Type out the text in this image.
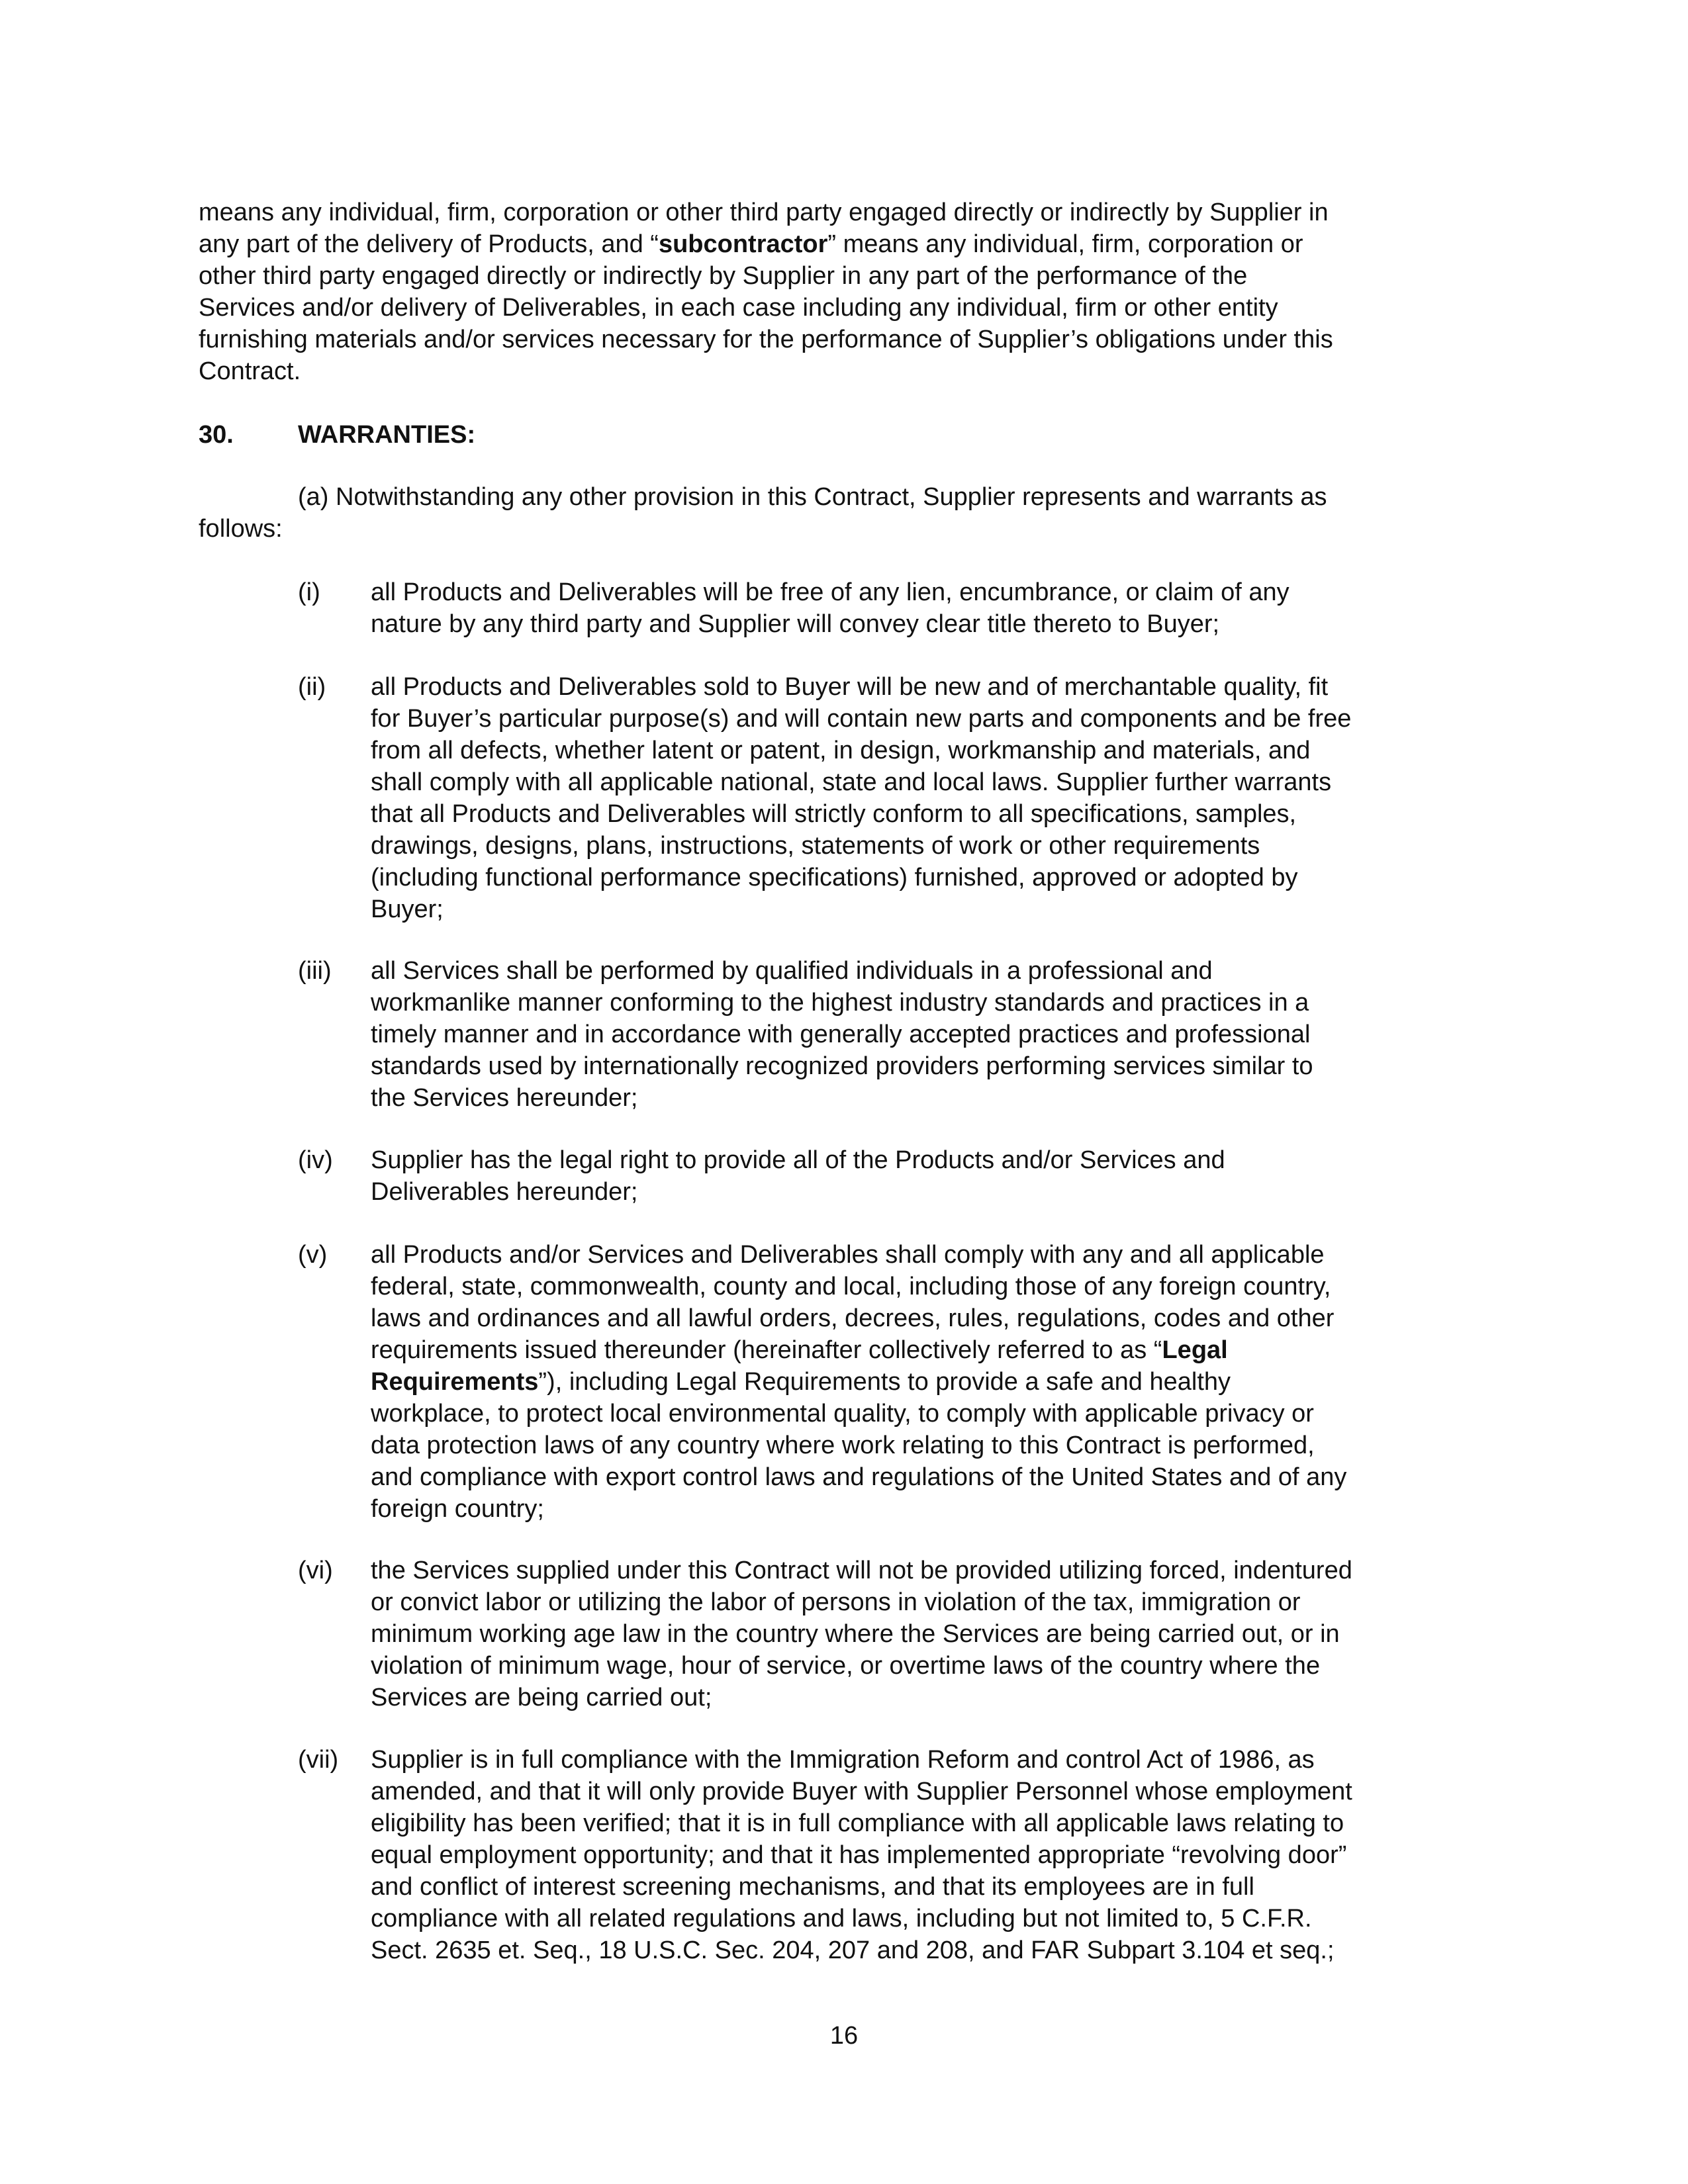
means any individual, firm, corporation or other third party engaged directly or indirectly by Supplier in
any part of the delivery of Products, and “subcontractor” means any individual, firm, corporation or
other third party engaged directly or indirectly by Supplier in any part of the performance of the
Services and/or delivery of Deliverables, in each case including any individual, firm or other entity
furnishing materials and/or services necessary for the performance of Supplier’s obligations under this
Contract.
30.	WARRANTIES:
(a) Notwithstanding any other provision in this Contract, Supplier represents and warrants as
follows:
(i) all Products and Deliverables will be free of any lien, encumbrance, or claim of any
nature by any third party and Supplier will convey clear title thereto to Buyer;
(ii) all Products and Deliverables sold to Buyer will be new and of merchantable quality, fit
for Buyer’s particular purpose(s) and will contain new parts and components and be free
from all defects, whether latent or patent, in design, workmanship and materials, and
shall comply with all applicable national, state and local laws. Supplier further warrants
that all Products and Deliverables will strictly conform to all specifications, samples,
drawings, designs, plans, instructions, statements of work or other requirements
(including functional performance specifications) furnished, approved or adopted by
Buyer;
(iii) all Services shall be performed by qualified individuals in a professional and
workmanlike manner conforming to the highest industry standards and practices in a
timely manner and in accordance with generally accepted practices and professional
standards used by internationally recognized providers performing services similar to
the Services hereunder;
(iv) Supplier has the legal right to provide all of the Products and/or Services and
Deliverables hereunder;
(v) all Products and/or Services and Deliverables shall comply with any and all applicable
federal, state, commonwealth, county and local, including those of any foreign country,
laws and ordinances and all lawful orders, decrees, rules, regulations, codes and other
requirements issued thereunder (hereinafter collectively referred to as “Legal
Requirements”), including Legal Requirements to provide a safe and healthy
workplace, to protect local environmental quality, to comply with applicable privacy or
data protection laws of any country where work relating to this Contract is performed,
and compliance with export control laws and regulations of the United States and of any
foreign country;
(vi) the Services supplied under this Contract will not be provided utilizing forced, indentured
or convict labor or utilizing the labor of persons in violation of the tax, immigration or
minimum working age law in the country where the Services are being carried out, or in
violation of minimum wage, hour of service, or overtime laws of the country where the
Services are being carried out;
(vii) Supplier is in full compliance with the Immigration Reform and control Act of 1986, as
amended, and that it will only provide Buyer with Supplier Personnel whose employment
eligibility has been verified; that it is in full compliance with all applicable laws relating to
equal employment opportunity; and that it has implemented appropriate “revolving door”
and conflict of interest screening mechanisms, and that its employees are in full
compliance with all related regulations and laws, including but not limited to, 5 C.F.R.
Sect. 2635 et. Seq., 18 U.S.C. Sec. 204, 207 and 208, and FAR Subpart 3.104 et seq.;
16
